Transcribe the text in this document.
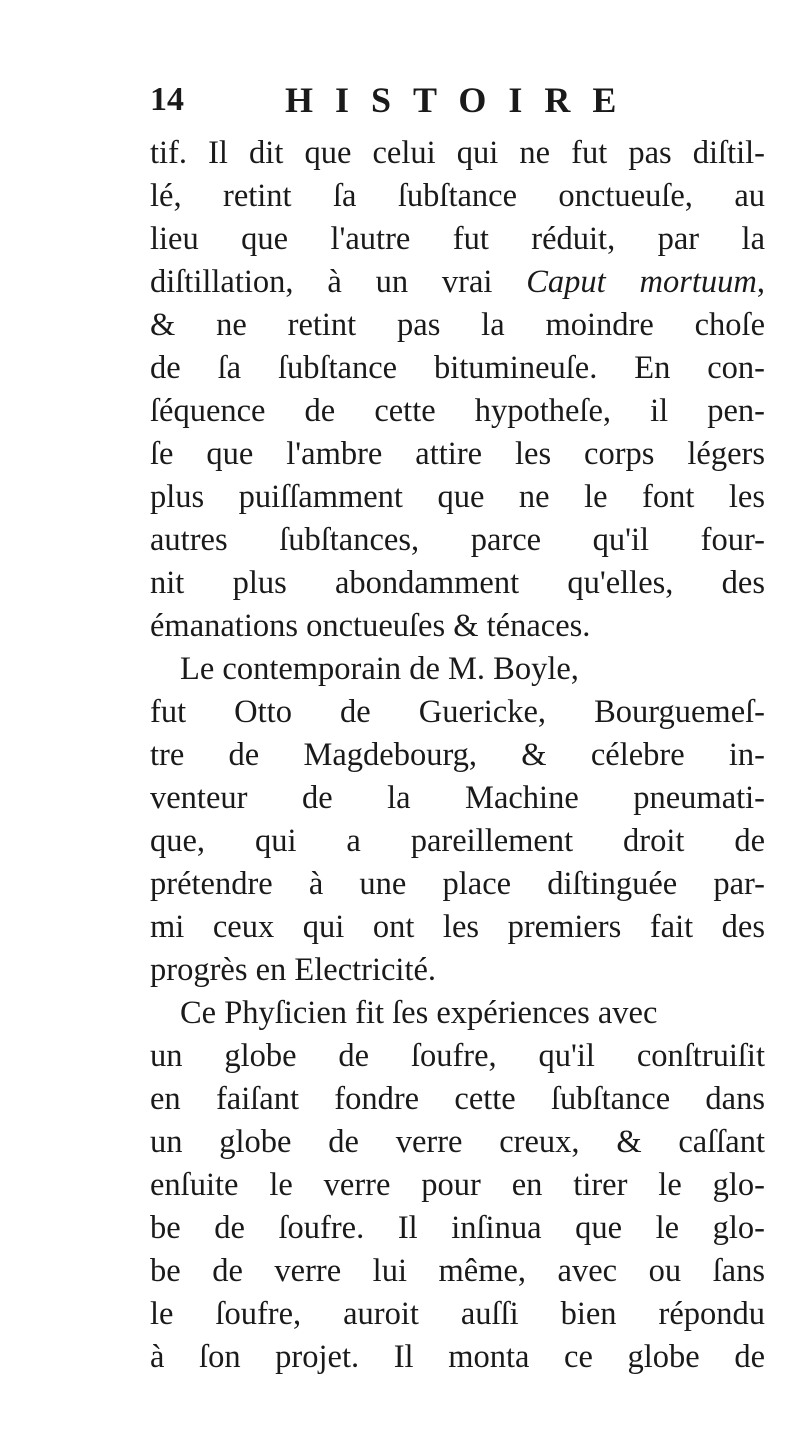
14	HISTOIRE
tif. Il dit que celui qui ne fut pas diſtil-
lé, retint ſa ſubſtance onctueuſe, au
lieu que l'autre fut réduit, par la
diſtillation, à un vrai Caput mortuum,
& ne retint pas la moindre choſe
de ſa ſubſtance bitumineuſe. En con-
ſéquence de cette hypotheſe, il pen-
ſe que l'ambre attire les corps légers
plus puiſſamment que ne le font les
autres ſubſtances, parce qu'il four-
nit plus abondamment qu'elles, des
émanations onctueuſes & ténaces.
Le contemporain de M. Boyle,
fut Otto de Guericke, Bourguemeſ-
tre de Magdebourg, & célebre in-
venteur de la Machine pneumati-
que, qui a pareillement droit de
prétendre à une place diſtinguée par-
mi ceux qui ont les premiers fait des
progrès en Electricité.
Ce Phyſicien fit ſes expériences avec
un globe de ſoufre, qu'il conſtruiſit
en faiſant fondre cette ſubſtance dans
un globe de verre creux, & caſſant
enſuite le verre pour en tirer le glo-
be de ſoufre. Il inſinua que le glo-
be de verre lui même, avec ou ſans
le ſoufre, auroit auſſi bien répondu
à ſon projet. Il monta ce globe de
